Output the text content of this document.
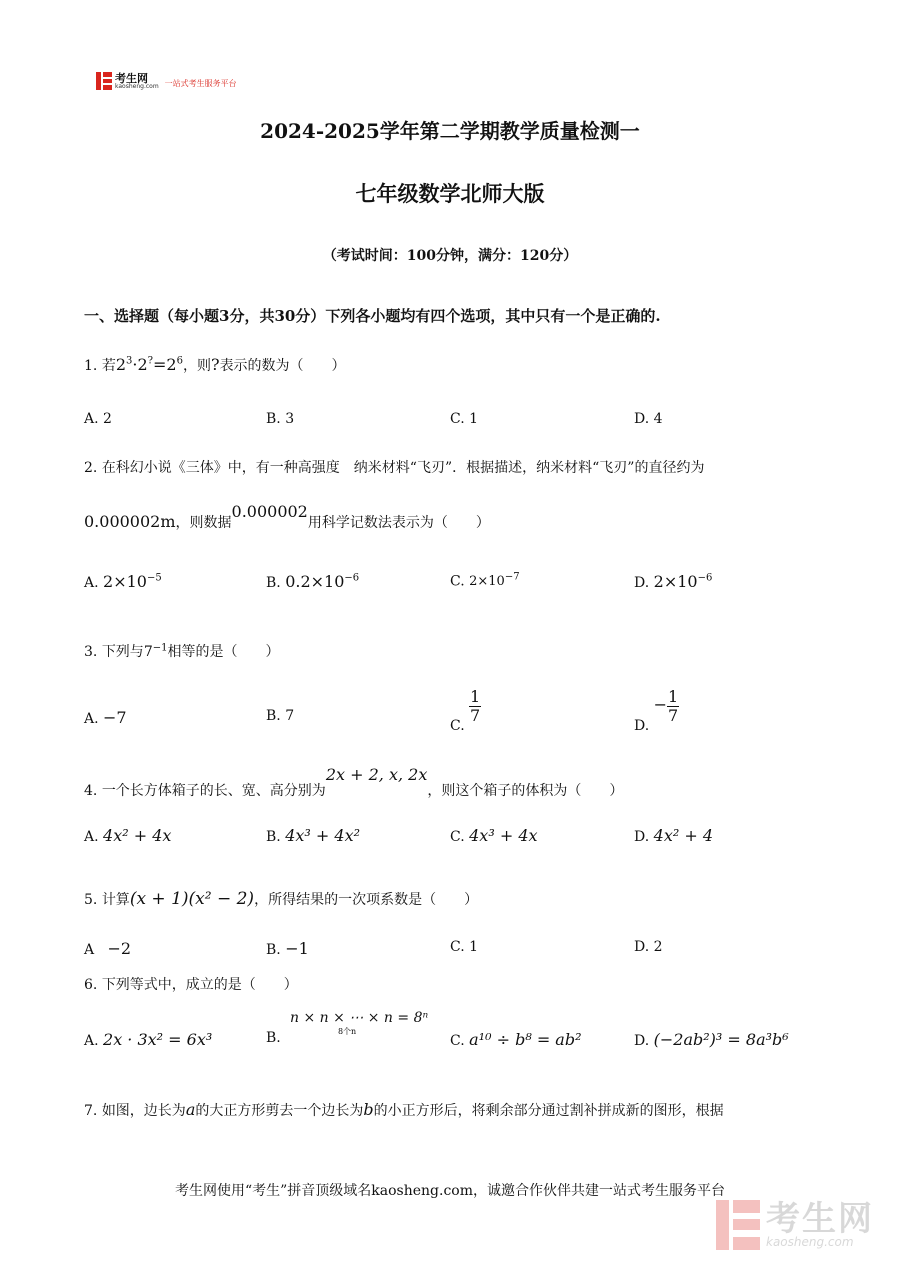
考生网
kaosheng.com 一站式考生服务平台
2024-2025学年第二学期教学质量检测一
七年级数学北师大版
（考试时间：100分钟，满分：120分）
一、选择题（每小题3分，共30分）下列各小题均有四个选项，其中只有一个是正确的.
1. 若$2^3\cdot 2^?=2^6$，则?表示的数为（　　）
A. 2	B. 3	C. 1	D. 4
2. 在科幻小说《三体》中，有一种高强度　纳米材料“飞刃”．根据描述，纳米材料“飞刃”的直径约为
0.000002m，则数据0.000002用科学记数法表示为（　　）
A. $2\times 10^{-5}$	B. $0.2\times 10^{-6}$	C. $2\times 10^{-7}$	D. $2\times 10^{-6}$
3. 下列与$7^{-1}$相等的是（　　）
A. −7	B. 7
C.
$\frac{1}{7}$
D. − $\frac{1}{7}$
4. 一个长方体箱子的长、宽、高分别为2x + 2, x, 2x，则这个箱子的体积为（　　）
A. 4x² + 4x	B. 4x³ + 4x²	C. 4x³ + 4x	D. 4x² + 4
5. 计算(x + 1)(x² − 2)，所得结果的一次项系数是（　　）
A −2	B. −1	C. 1	D. 2
6. 下列等式中，成立的是（　　）
A. 2x · 3x² = 6x³	B.
n × n × ⋯ × n = 8ⁿ
8个n
C. a¹⁰ ÷ b⁸ = ab²	D. (−2ab²)³ = 8a³b⁶
7. 如图，边长为a的大正方形剪去一个边长为b的小正方形后，将剩余部分通过割补拼成新的图形，根据
考生网使用“考生”拼音顶级域名kaosheng.com，诚邀合作伙伴共建一站式考生服务平台
考生网
kaosheng.com
